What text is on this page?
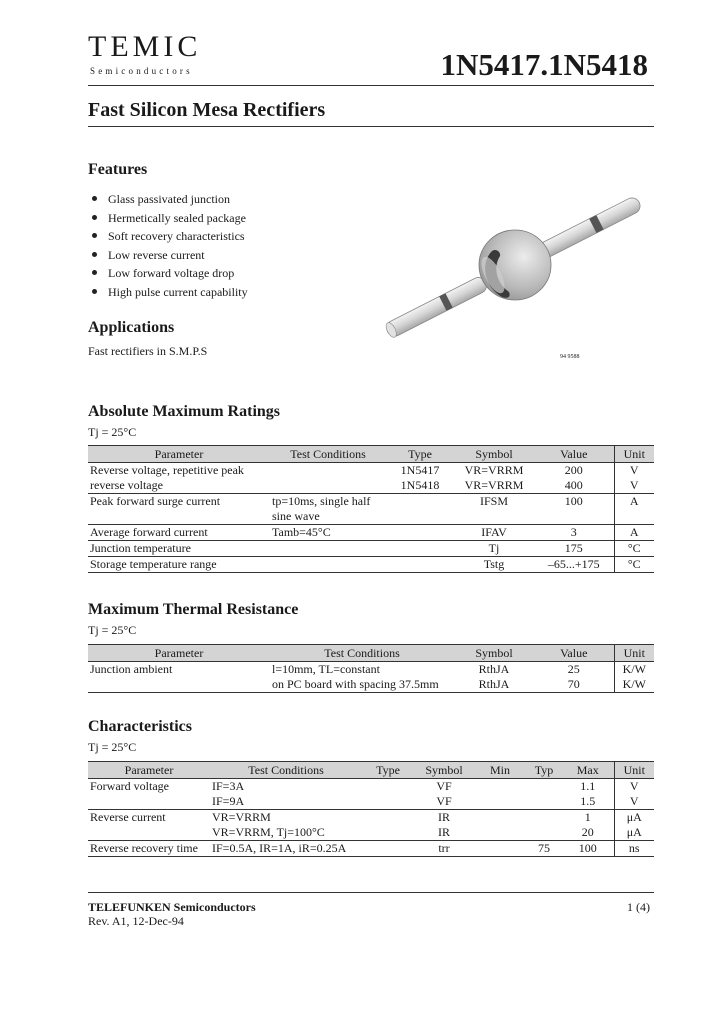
TEMIC
Semiconductors	1N5417.1N5418
Fast Silicon Mesa Rectifiers
Features
Glass passivated junction
Hermetically sealed package
Soft recovery characteristics
Low reverse current
Low forward voltage drop
High pulse current capability
Applications
Fast rectifiers in S.M.P.S	94 9588
Absolute Maximum Ratings
Tj = 25°C
Parameter	Test Conditions	Type	Symbol	Value	Unit
Reverse voltage, repetitive peak reverse voltage		1N5417	VR=VRRM	200	V
		1N5418	VR=VRRM	400	V
Peak forward surge current	tp=10ms, single half sine wave		IFSM	100	A
Average forward current	Tamb=45°C		IFAV	3	A
Junction temperature			Tj	175	°C
Storage temperature range			Tstg	–65...+175	°C
Maximum Thermal Resistance
Tj = 25°C
Parameter	Test Conditions	Symbol	Value	Unit
Junction ambient	l=10mm, TL=constant	RthJA	25	K/W
	on PC board with spacing 37.5mm	RthJA	70	K/W
Characteristics
Tj = 25°C
Parameter	Test Conditions	Type	Symbol	Min	Typ	Max	Unit
Forward voltage	IF=3A		VF			1.1	V
	IF=9A		VF			1.5	V
Reverse current	VR=VRRM		IR			1	μA
	VR=VRRM, Tj=100°C		IR			20	μA
Reverse recovery time	IF=0.5A, IR=1A, iR=0.25A		trr		75	100	ns
TELEFUNKEN Semiconductors
Rev. A1, 12-Dec-94
1 (4)
